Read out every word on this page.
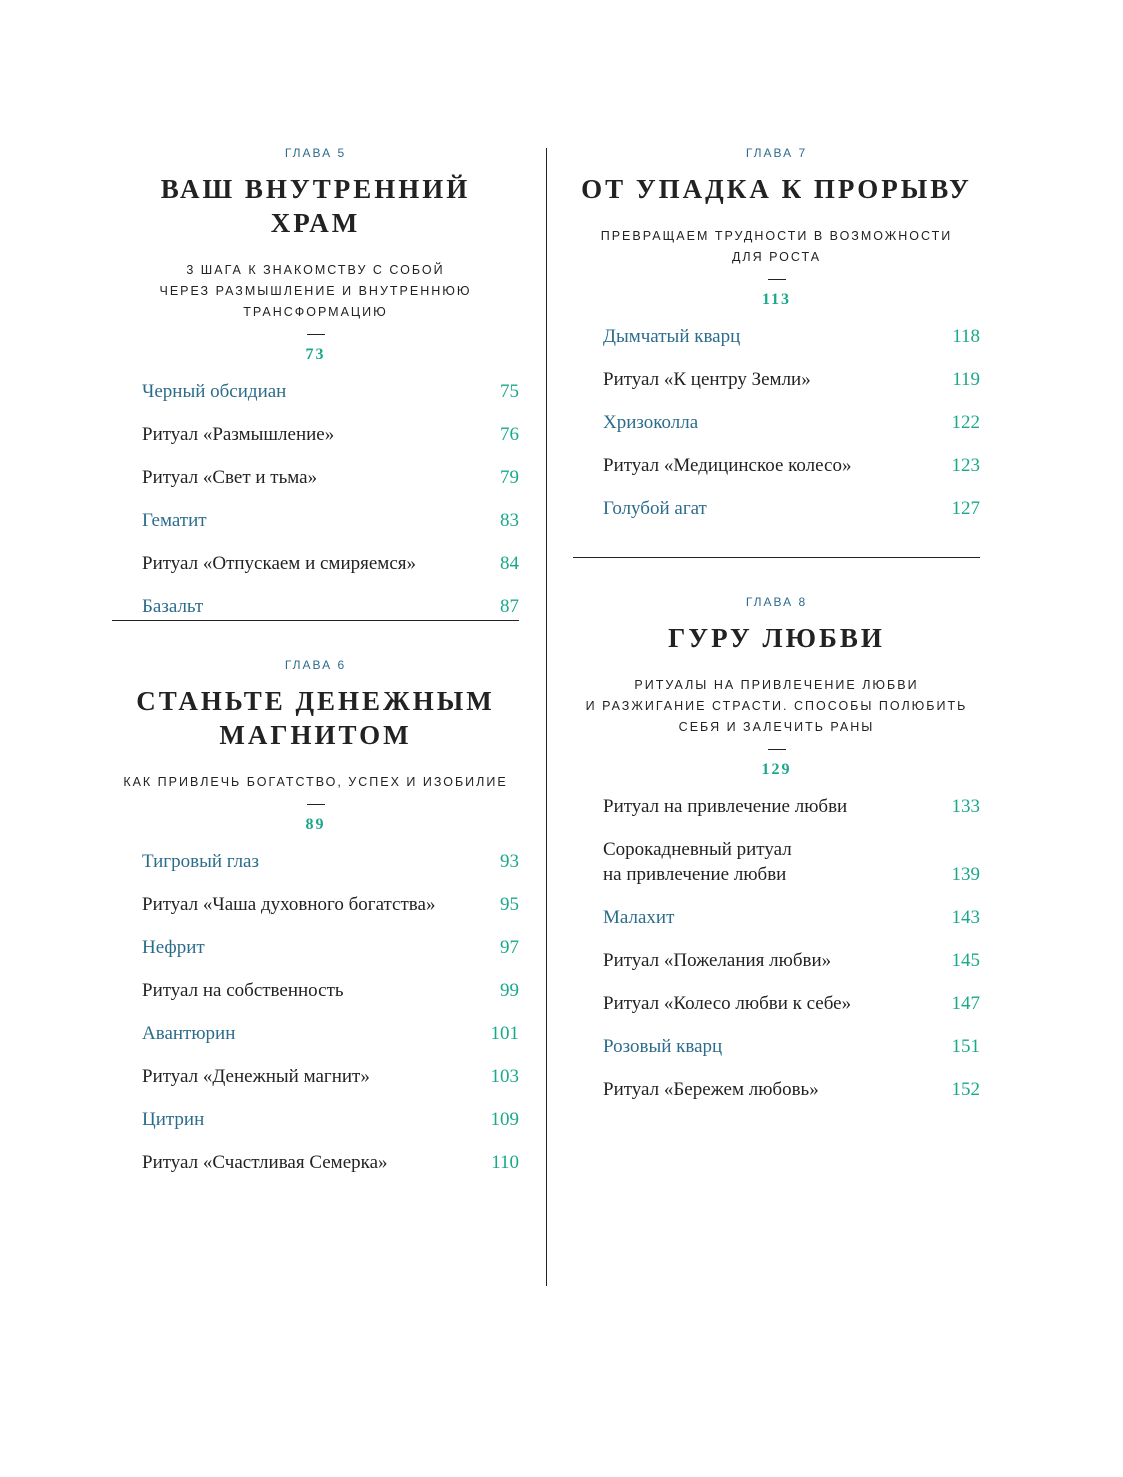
ГЛАВА 5
ВАШ ВНУТРЕННИЙ ХРАМ
3 ШАГА К ЗНАКОМСТВУ С СОБОЙ
ЧЕРЕЗ РАЗМЫШЛЕНИЕ И ВНУТРЕННЮЮ
ТРАНСФОРМАЦИЮ
73
Черный обсидиан	75
Ритуал «Размышление»	76
Ритуал «Свет и тьма»	79
Гематит	83
Ритуал «Отпускаем и смиряемся»	84
Базальт	87
ГЛАВА 6
СТАНЬТЕ ДЕНЕЖНЫМ
МАГНИТОМ
КАК ПРИВЛЕЧЬ БОГАТСТВО, УСПЕХ И ИЗОБИЛИЕ
89
Тигровый глаз	93
Ритуал «Чаша духовного богатства»	95
Нефрит	97
Ритуал на собственность	99
Авантюрин	101
Ритуал «Денежный магнит»	103
Цитрин	109
Ритуал «Счастливая Семерка»	110
ГЛАВА 7
ОТ УПАДКА К ПРОРЫВУ
ПРЕВРАЩАЕМ ТРУДНОСТИ В ВОЗМОЖНОСТИ
ДЛЯ РОСТА
113
Дымчатый кварц	118
Ритуал «К центру Земли»	119
Хризоколла	122
Ритуал «Медицинское колесо»	123
Голубой агат	127
ГЛАВА 8
ГУРУ ЛЮБВИ
РИТУАЛЫ НА ПРИВЛЕЧЕНИЕ ЛЮБВИ
И РАЗЖИГАНИЕ СТРАСТИ. СПОСОБЫ ПОЛЮБИТЬ
СЕБЯ И ЗАЛЕЧИТЬ РАНЫ
129
Ритуал на привлечение любви	133
Сорокадневный ритуал
на привлечение любви	139
Малахит	143
Ритуал «Пожелания любви»	145
Ритуал «Колесо любви к себе»	147
Розовый кварц	151
Ритуал «Бережем любовь»	152
